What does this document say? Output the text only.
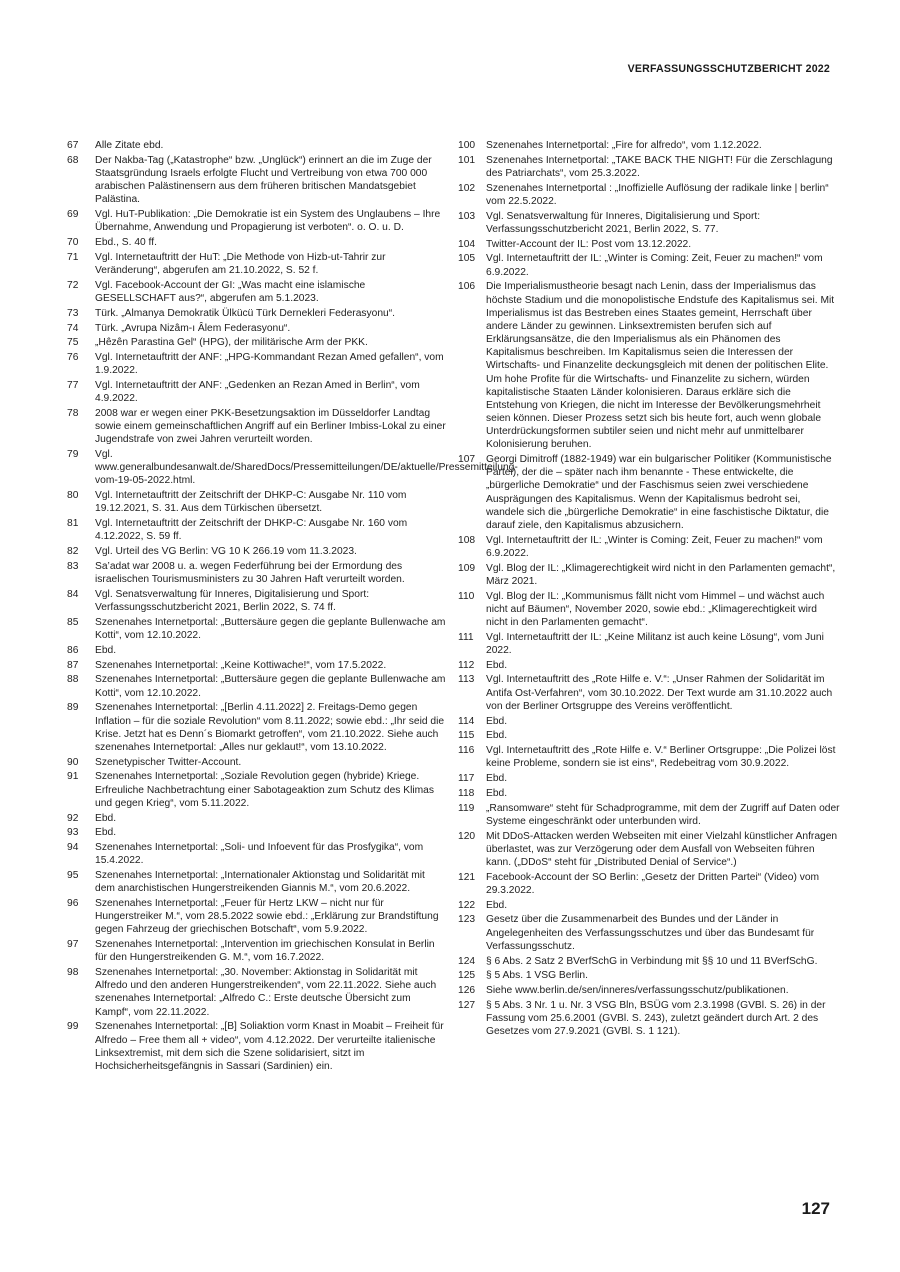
VERFASSUNGSSCHUTZBERICHT 2022
67	Alle Zitate ebd.
68	Der Nakba-Tag („Katastrophe“ bzw. „Unglück“) erinnert an die im Zuge der Staatsgründung Israels erfolgte Flucht und Vertreibung von etwa 700 000 arabischen Palästinensern aus dem früheren britischen Mandatsgebiet Palästina.
69	Vgl. HuT-Publikation: „Die Demokratie ist ein System des Unglaubens – Ihre Übernahme, Anwendung und Propagierung ist verboten“. o. O. u. D.
70	Ebd., S. 40 ff.
71	Vgl. Internetauftritt der HuT: „Die Methode von Hizb-ut-Tahrir zur Veränderung“, abgerufen am 21.10.2022, S. 52 f.
72	Vgl. Facebook-Account der GI: „Was macht eine islamische GESELLSCHAFT aus?“, abgerufen am 5.1.2023.
73	Türk. „Almanya Demokratik Ülkücü Türk Dernekleri Federasyonu“.
74	Türk. „Avrupa Nizâm-ı Âlem Federasyonu“.
75	„Hêzên Parastina Gel“ (HPG), der militärische Arm der PKK.
76	Vgl. Internetauftritt der ANF: „HPG-Kommandant Rezan Amed gefallen“, vom 1.9.2022.
77	Vgl. Internetauftritt der ANF: „Gedenken an Rezan Amed in Berlin“, vom 4.9.2022.
78	2008 war er wegen einer PKK-Besetzungsaktion im Düsseldorfer Landtag sowie einem gemeinschaftlichen Angriff auf ein Berliner Imbiss-Lokal zu einer Jugendstrafe von zwei Jahren verurteilt worden.
79	Vgl. www.generalbundesanwalt.de/SharedDocs/Pressemitteilungen/DE/aktuelle/Pressemitteilung-vom-19-05-2022.html.
80	Vgl. Internetauftritt der Zeitschrift der DHKP-C: Ausgabe Nr. 110 vom 19.12.2021, S. 31. Aus dem Türkischen übersetzt.
81	Vgl. Internetauftritt der Zeitschrift der DHKP-C: Ausgabe Nr. 160 vom 4.12.2022, S. 59 ff.
82	Vgl. Urteil des VG Berlin: VG 10 K 266.19 vom 11.3.2023.
83	Sa’adat war 2008 u. a. wegen Federführung bei der Ermordung des israelischen Tourismusministers zu 30 Jahren Haft verurteilt worden.
84	Vgl. Senatsverwaltung für Inneres, Digitalisierung und Sport: Verfassungsschutzbericht 2021, Berlin 2022, S. 74 ff.
85	Szenenahes Internetportal: „Buttersäure gegen die geplante Bullenwache am Kotti“, vom 12.10.2022.
86	Ebd.
87	Szenenahes Internetportal: „Keine Kottiwache!“, vom 17.5.2022.
88	Szenenahes Internetportal: „Buttersäure gegen die geplante Bullenwache am Kotti“, vom 12.10.2022.
89	Szenenahes Internetportal: „[Berlin 4.11.2022] 2. Freitags-Demo gegen Inflation – für die soziale Revolution“ vom 8.11.2022; sowie ebd.: „Ihr seid die Krise. Jetzt hat es Denn´s Biomarkt getroffen“, vom 21.10.2022. Siehe auch szenenahes Internetportal: „Alles nur geklaut!“, vom 13.10.2022.
90	Szenetypischer Twitter-Account.
91	Szenenahes Internetportal: „Soziale Revolution gegen (hybride) Kriege. Erfreuliche Nachbetrachtung einer Sabotageaktion zum Schutz des Klimas und gegen Krieg“, vom 5.11.2022.
92	Ebd.
93	Ebd.
94	Szenenahes Internetportal: „Soli- und Infoevent für das Prosfygika“, vom 15.4.2022.
95	Szenenahes Internetportal: „Internationaler Aktionstag und Solidarität mit dem anarchistischen Hungerstreikenden Giannis M.“, vom 20.6.2022.
96	Szenenahes Internetportal: „Feuer für Hertz LKW – nicht nur für Hungerstreiker M.“, vom 28.5.2022 sowie ebd.: „Erklärung zur Brandstiftung gegen Fahrzeug der griechischen Botschaft“, vom 5.9.2022.
97	Szenenahes Internetportal: „Intervention im griechischen Konsulat in Berlin für den Hungerstreikenden G. M.“, vom 16.7.2022.
98	Szenenahes Internetportal: „30. November: Aktionstag in Solidarität mit Alfredo und den anderen Hungerstreikenden“, vom 22.11.2022. Siehe auch szenenahes Internetportal: „Alfredo C.: Erste deutsche Übersicht zum Kampf“, vom 22.11.2022.
99	Szenenahes Internetportal: „[B] Soliaktion vorm Knast in Moabit – Freiheit für Alfredo – Free them all + video“, vom 4.12.2022. Der verurteilte italienische Linksextremist, mit dem sich die Szene solidarisiert, sitzt im Hochsicherheitsgefängnis in Sassari (Sardinien) ein.
100	Szenenahes Internetportal: „Fire for alfredo“, vom 1.12.2022.
101	Szenenahes Internetportal: „TAKE BACK THE NIGHT! Für die Zerschlagung des Patriarchats“, vom 25.3.2022.
102	Szenenahes Internetportal : „Inoffizielle Auflösung der radikale linke | berlin“ vom 22.5.2022.
103	Vgl. Senatsverwaltung für Inneres, Digitalisierung und Sport: Verfassungsschutzbericht 2021, Berlin 2022, S. 77.
104	Twitter-Account der IL: Post vom 13.12.2022.
105	Vgl. Internetauftritt der IL: „Winter is Coming: Zeit, Feuer zu machen!“ vom 6.9.2022.
106	Die Imperialismustheorie besagt nach Lenin, dass der Imperialismus das höchste Stadium und die monopolistische Endstufe des Kapitalismus sei. Mit Imperialismus ist das Bestreben eines Staates gemeint, Herrschaft über andere Länder zu gewinnen. Linksextremisten berufen sich auf Erklärungsansätze, die den Imperialismus als ein Phänomen des Kapitalismus beschreiben. Im Kapitalismus seien die Interessen der Wirtschafts- und Finanzelite deckungsgleich mit denen der politischen Elite. Um hohe Profite für die Wirtschafts- und Finanzelite zu sichern, würden kapitalistische Staaten Länder kolonisieren. Daraus erkläre sich die Entstehung von Kriegen, die nicht im Interesse der Bevölkerungsmehrheit seien können. Dieser Prozess setzt sich bis heute fort, auch wenn globale Unterdrückungsformen subtiler seien und nicht mehr auf unmittelbarer Kolonisierung beruhen.
107	Georgi Dimitroff (1882-1949) war ein bulgarischer Politiker (Kommunistische Partei), der die – später nach ihm benannte - These entwickelte, die „bürgerliche Demokratie“ und der Faschismus seien zwei verschiedene Ausprägungen des Kapitalismus. Wenn der Kapitalismus bedroht sei, wandele sich die „bürgerliche Demokratie“ in eine faschistische Diktatur, die darauf ziele, den Kapitalismus abzusichern.
108	Vgl. Internetauftritt der IL: „Winter is Coming: Zeit, Feuer zu machen!“ vom 6.9.2022.
109	Vgl. Blog der IL: „Klimagerechtigkeit wird nicht in den Parlamenten gemacht“, März 2021.
110	Vgl. Blog der IL: „Kommunismus fällt nicht vom Himmel – und wächst auch nicht auf Bäumen“, November 2020, sowie ebd.: „Klimagerechtigkeit wird nicht in den Parlamenten gemacht“.
111	Vgl. Internetauftritt der IL: „Keine Militanz ist auch keine Lösung“, vom Juni 2022.
112	Ebd.
113	Vgl. Internetauftritt des „Rote Hilfe e. V.“: „Unser Rahmen der Solidarität im Antifa Ost-Verfahren“, vom 30.10.2022. Der Text wurde am 31.10.2022 auch von der Berliner Ortsgruppe des Vereins veröffentlicht.
114	Ebd.
115	Ebd.
116	Vgl. Internetauftritt des „Rote Hilfe e. V.“ Berliner Ortsgruppe: „Die Polizei löst keine Probleme, sondern sie ist eins“, Redebeitrag vom 30.9.2022.
117	Ebd.
118	Ebd.
119	„Ransomware“ steht für Schadprogramme, mit dem der Zugriff auf Daten oder Systeme eingeschränkt oder unterbunden wird.
120	Mit DDoS-Attacken werden Webseiten mit einer Vielzahl künstlicher Anfragen überlastet, was zur Verzögerung oder dem Ausfall von Webseiten führen kann. („DDoS“ steht für „Distributed Denial of Service“.)
121	Facebook-Account der SO Berlin: „Gesetz der Dritten Partei“ (Video) vom 29.3.2022.
122	Ebd.
123	Gesetz über die Zusammenarbeit des Bundes und der Länder in Angelegenheiten des Verfassungsschutzes und über das Bundesamt für Verfassungsschutz.
124	§ 6 Abs. 2 Satz 2 BVerfSchG in Verbindung mit §§ 10 und 11 BVerfSchG.
125	§ 5 Abs. 1 VSG Berlin.
126	Siehe www.berlin.de/sen/inneres/verfassungsschutz/publikationen.
127	§ 5 Abs. 3 Nr. 1 u. Nr. 3 VSG Bln, BSÜG vom 2.3.1998 (GVBl. S. 26) in der Fassung vom 25.6.2001 (GVBl. S. 243), zuletzt geändert durch Art. 2 des Gesetzes vom 27.9.2021 (GVBl. S. 1 121).
127
